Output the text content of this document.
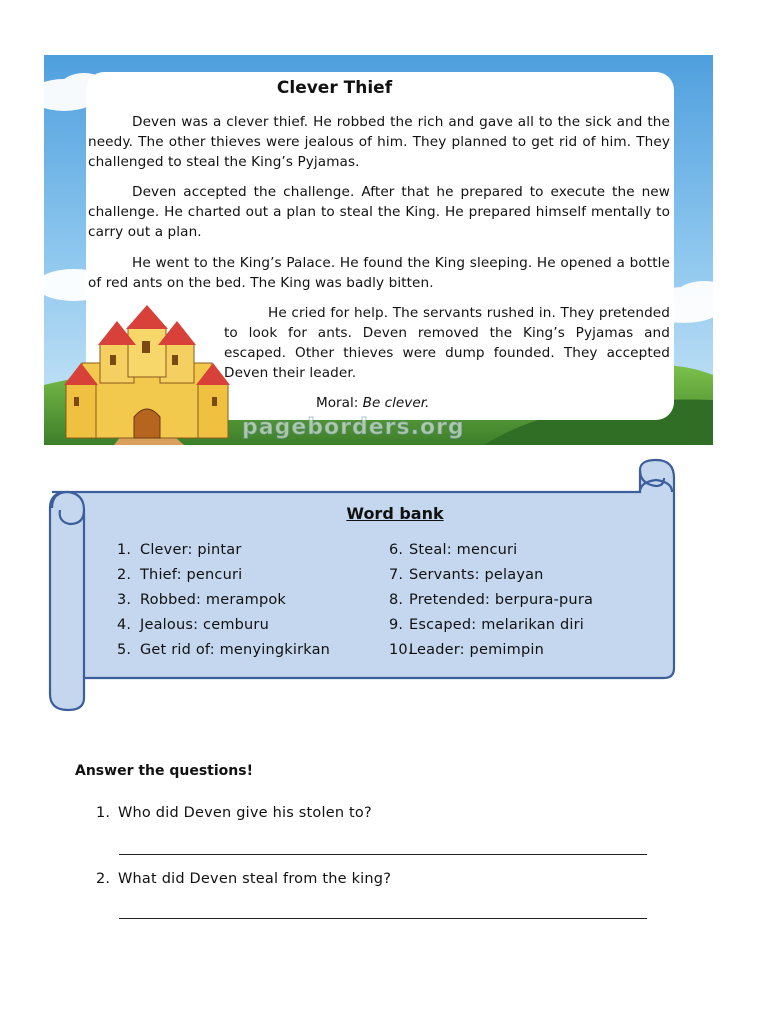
pageborders.org
Clever Thief

Deven was a clever thief. He robbed the rich and gave all to the sick and the needy. The other thieves were jealous of him. They planned to get rid of him. They challenged to steal the King’s Pyjamas.

Deven accepted the challenge. After that he prepared to execute the new challenge. He charted out a plan to steal the King. He prepared himself mentally to carry out a plan.

He went to the King’s Palace. He found the King sleeping. He opened a bottle of red ants on the bed. The King was badly bitten.

He cried for help. The servants rushed in. They pretended to look for ants. Deven removed the King’s Pyjamas and escaped. Other thieves were dump founded. They accepted Deven their leader.

Moral: Be clever.

Word bank
1. Clever: pintar
2. Thief: pencuri
3. Robbed: merampok
4. Jealous: cemburu
5. Get rid of: menyingkirkan
6. Steal: mencuri
7. Servants: pelayan
8. Pretended: berpura-pura
9. Escaped: melarikan diri
10.Leader: pemimpin

Answer the questions!

1. Who did Deven give his stolen to?

2. What did Deven steal from the king?
